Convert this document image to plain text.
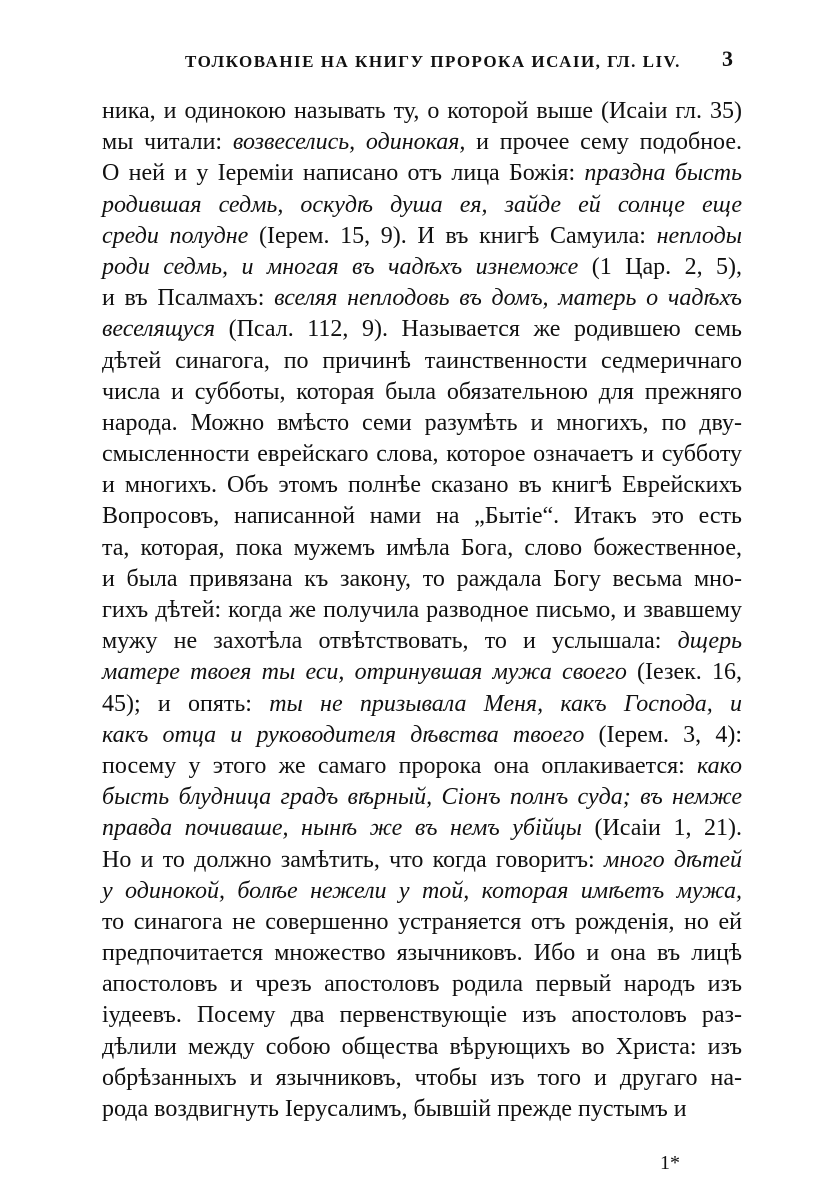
ТОЛКОВАНІЕ НА КНИГУ ПРОРОКА ИСАІИ, ГЛ. LIV. 3
ника, и одинокою называть ту, о которой выше (Исаіи гл. 35)
мы читали: возвеселись, одинокая, и прочее сему подобное.
О ней и у Іереміи написано отъ лица Божія: праздна бысть
родившая седмь, оскудѣ душа ея, зайде ей солнце еще
среди полудне (Іерем. 15, 9). И въ книгѣ Самуила: неплоды
роди седмь, и многая въ чадѣхъ изнеможе (1 Цар. 2, 5),
и въ Псалмахъ: вселяя неплодовь въ домъ, матерь о чадѣхъ
веселящуся (Псал. 112, 9). Называется же родившею семь
дѣтей синагога, по причинѣ таинственности седмеричнаго
числа и субботы, которая была обязательною для прежняго
народа. Можно вмѣсто семи разумѣть и многихъ, по дву-
смысленности еврейскаго слова, которое означаетъ и субботу
и многихъ. Объ этомъ полнѣе сказано въ книгѣ Еврейскихъ
Вопросовъ, написанной нами на „Бытіе“. Итакъ это есть
та, которая, пока мужемъ имѣла Бога, слово божественное,
и была привязана къ закону, то раждала Богу весьма мно-
гихъ дѣтей: когда же получила разводное письмо, и звавшему
мужу не захотѣла отвѣтствовать, то и услышала: дщерь
матере твоея ты еси, отринувшая мужа своего (Іезек. 16,
45); и опять: ты не призывала Меня, какъ Господа, и
какъ отца и руководителя дѣвства твоего (Іерем. 3, 4):
посему у этого же самаго пророка она оплакивается: како
бысть блудница градъ вѣрный, Сіонъ полнъ суда; въ немже
правда почиваше, нынѣ же въ немъ убійцы (Исаіи 1, 21).
Но и то должно замѣтить, что когда говоритъ: много дѣтей
у одинокой, болѣе нежели у той, которая имѣетъ мужа,
то синагога не совершенно устраняется отъ рожденія, но ей
предпочитается множество язычниковъ. Ибо и она въ лицѣ
апостоловъ и чрезъ апостоловъ родила первый народъ изъ
іудеевъ. Посему два первенствующіе изъ апостоловъ раз-
дѣлили между собою общества вѣрующихъ во Христа: изъ
обрѣзанныхъ и язычниковъ, чтобы изъ того и другаго на-
рода воздвигнуть Іерусалимъ, бывшій прежде пустымъ и
1*
